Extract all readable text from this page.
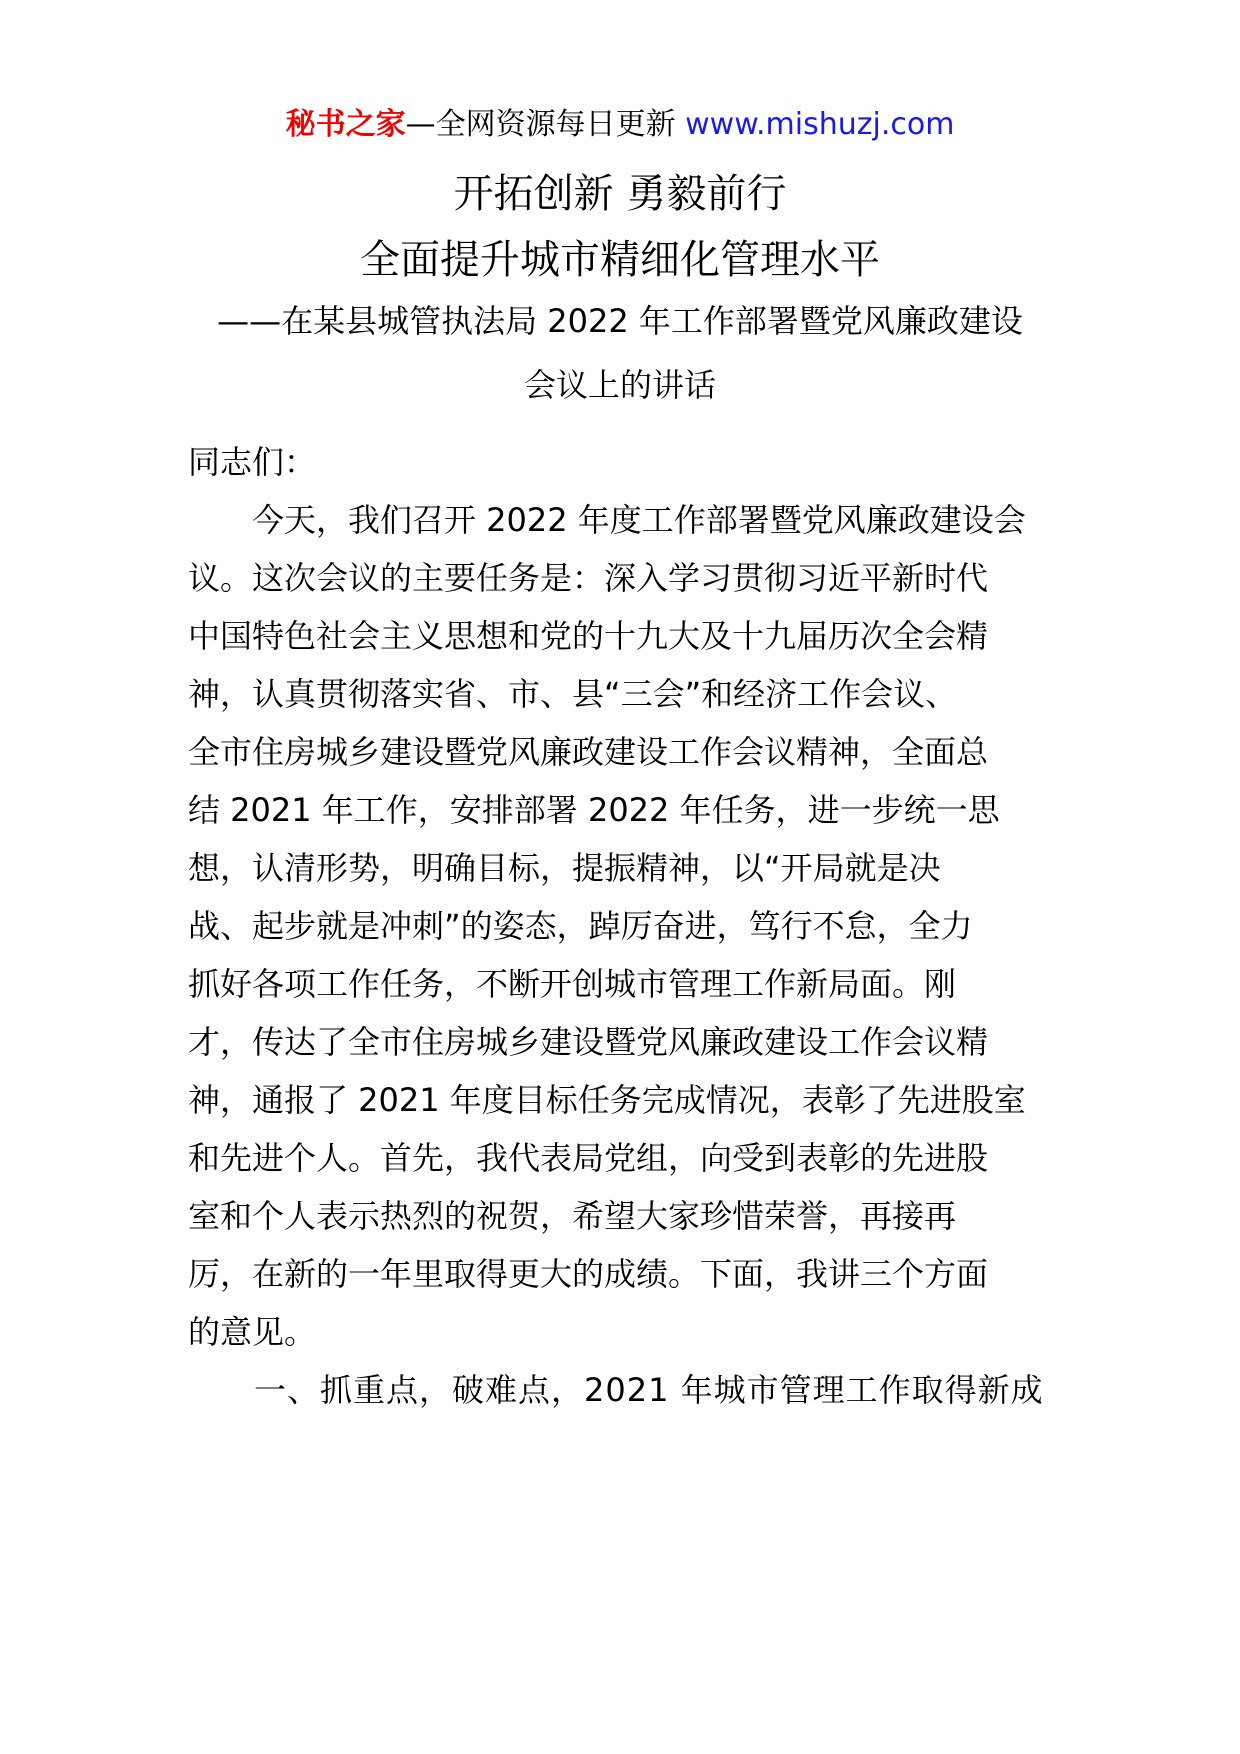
秘书之家—全网资源每日更新 www.mishuzj.com
开拓创新 勇毅前行
全面提升城市精细化管理水平
——在某县城管执法局 2022 年工作部署暨党风廉政建设
会议上的讲话
同志们：
　　今天，我们召开 2022 年度工作部署暨党风廉政建设会
议。这次会议的主要任务是：深入学习贯彻习近平新时代
中国特色社会主义思想和党的十九大及十九届历次全会精
神，认真贯彻落实省、市、县“三会”和经济工作会议、
全市住房城乡建设暨党风廉政建设工作会议精神，全面总
结 2021 年工作，安排部署 2022 年任务，进一步统一思
想，认清形势，明确目标，提振精神，以“开局就是决
战、起步就是冲刺”的姿态，踔厉奋进，笃行不怠，全力
抓好各项工作任务，不断开创城市管理工作新局面。刚
才，传达了全市住房城乡建设暨党风廉政建设工作会议精
神，通报了 2021 年度目标任务完成情况，表彰了先进股室
和先进个人。首先，我代表局党组，向受到表彰的先进股
室和个人表示热烈的祝贺，希望大家珍惜荣誉，再接再
厉，在新的一年里取得更大的成绩。下面，我讲三个方面
的意见。
　　一、抓重点，破难点，2021 年城市管理工作取得新成
